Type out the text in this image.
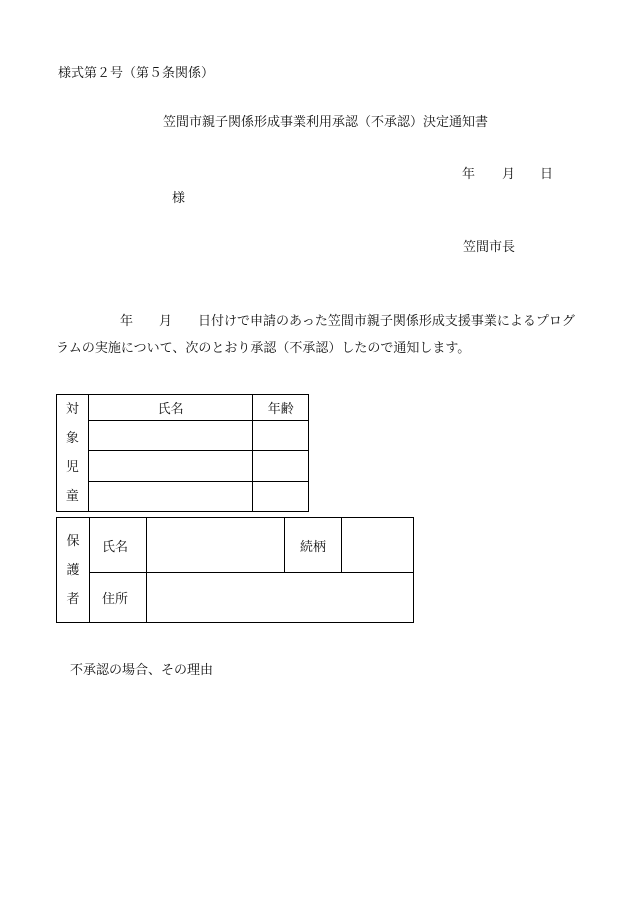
様式第２号（第５条関係）
笠間市親子関係形成事業利用承認（不承認）決定通知書
年 月 日
様
笠間市長
年 月 日付けで申請のあった笠間市親子関係形成支援事業によるプログ
ラムの実施について、次のとおり承認（不承認）したので通知します。
対
象
児
童	氏名	年齢

保
護
者	氏名		続柄	
	住所			
不承認の場合、その理由
